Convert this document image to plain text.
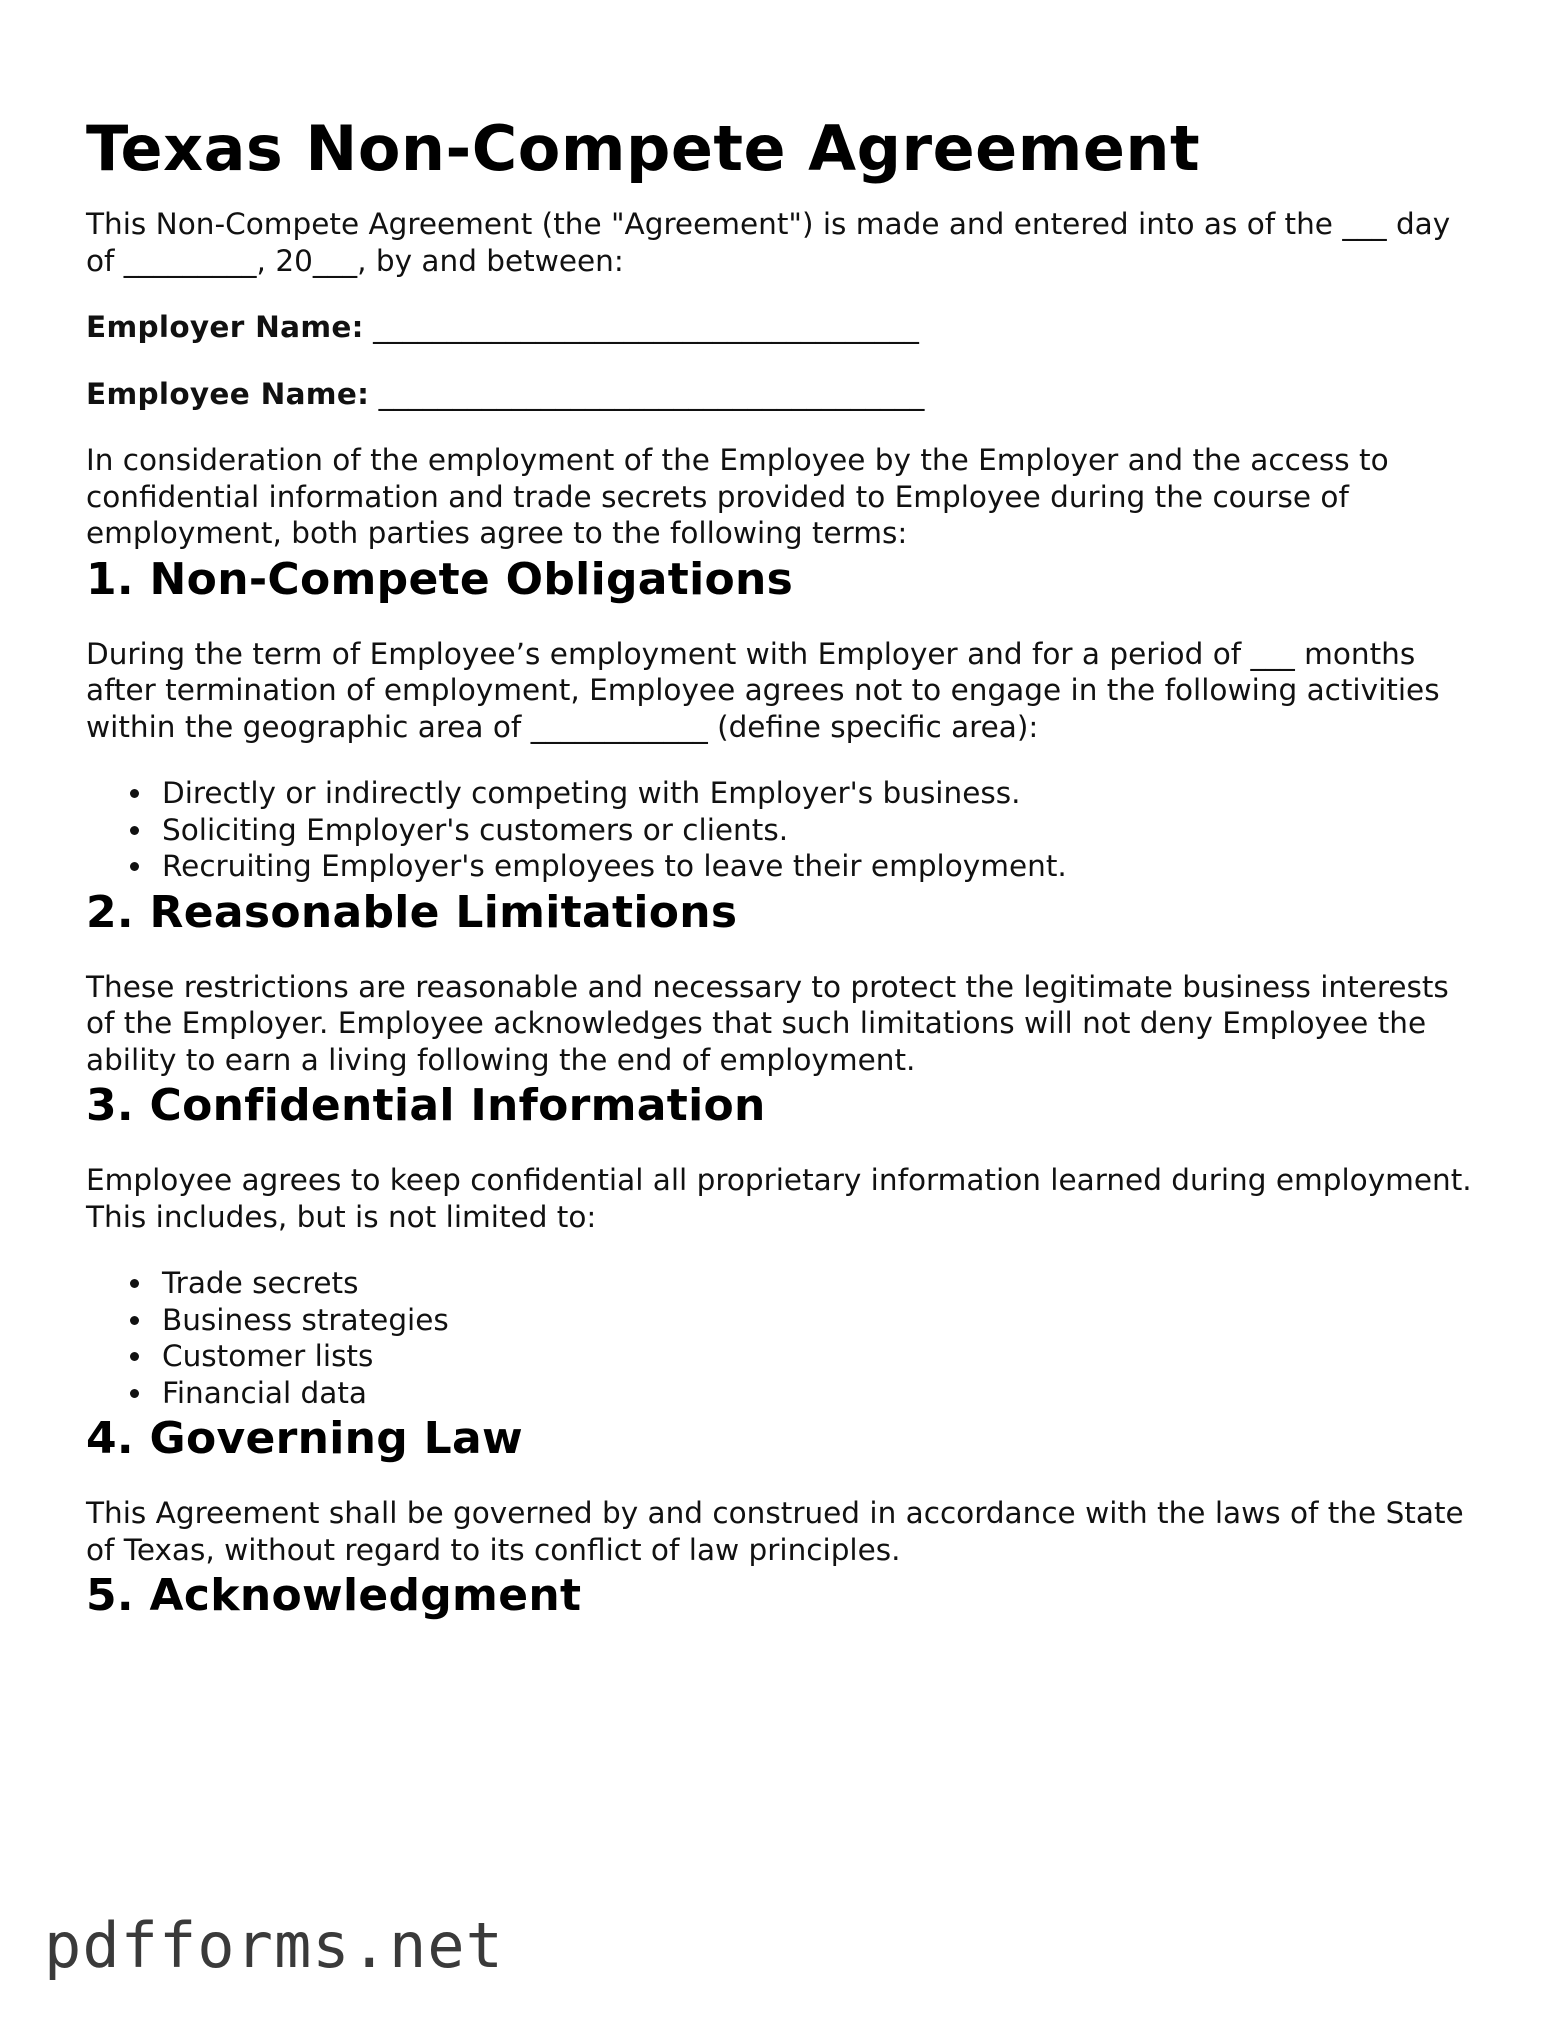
Texas Non-Compete Agreement

This Non-Compete Agreement (the "Agreement") is made and entered into as of the ___ day of _________, 20___, by and between:

Employer Name: _____________________________________
Employee Name: _____________________________________

In consideration of the employment of the Employee by the Employer and the access to confidential information and trade secrets provided to Employee during the course of employment, both parties agree to the following terms:

1. Non-Compete Obligations

During the term of Employee’s employment with Employer and for a period of ___ months after termination of employment, Employee agrees not to engage in the following activities within the geographic area of ____________ (define specific area):

Directly or indirectly competing with Employer's business.
Soliciting Employer's customers or clients.
Recruiting Employer's employees to leave their employment.
2. Reasonable Limitations

These restrictions are reasonable and necessary to protect the legitimate business interests of the Employer. Employee acknowledges that such limitations will not deny Employee the ability to earn a living following the end of employment.

3. Confidential Information

Employee agrees to keep confidential all proprietary information learned during employment. This includes, but is not limited to:

Trade secrets
Business strategies
Customer lists
Financial data
4. Governing Law

This Agreement shall be governed by and construed in accordance with the laws of the State of Texas, without regard to its conflict of law principles.

5. Acknowledgment
pdfforms.net
